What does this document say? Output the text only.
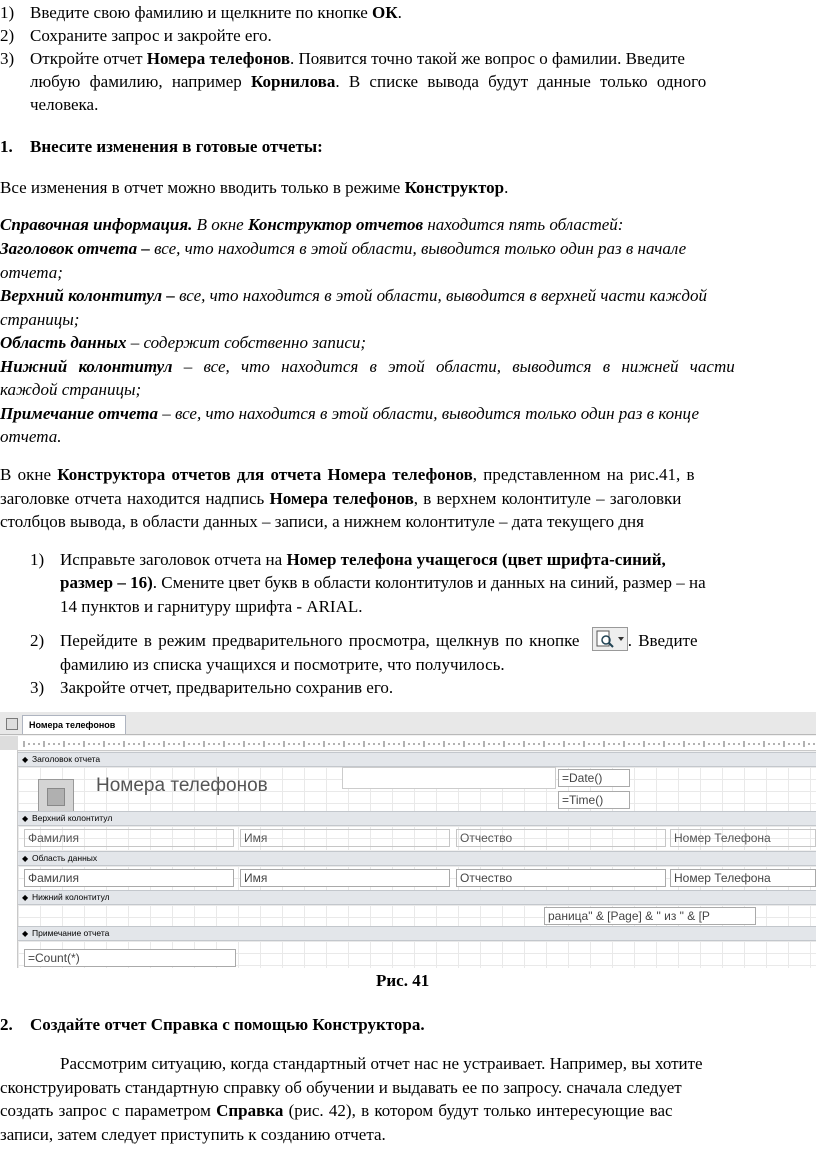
1) Введите свою фамилию и щелкните по кнопке ОК.
2) Сохраните запрос и закройте его.
3) Откройте отчет Номера телефонов. Появится точно такой же вопрос о фамилии. Введите
любую фамилию, например Корнилова. В списке вывода будут данные только одного
человека.
1. Внесите изменения в готовые отчеты:
Все изменения в отчет можно вводить только в режиме Конструктор.
Справочная информация. В окне Конструктор отчетов находится пять областей:
Заголовок отчета – все, что находится в этой области, выводится только один раз в начале
отчета;
Верхний колонтитул – все, что находится в этой области, выводится в верхней части каждой
страницы;
Область данных – содержит собственно записи;
Нижний колонтитул – все, что находится в этой области, выводится в нижней части
каждой страницы;
Примечание отчета – все, что находится в этой области, выводится только один раз в конце
отчета.
В окне Конструктора отчетов для отчета Номера телефонов, представленном на рис.41, в
заголовке отчета находится надпись Номера телефонов, в верхнем колонтитуле – заголовки
столбцов вывода, в области данных – записи, а нижнем колонтитуле – дата текущего дня
1) Исправьте заголовок отчета на Номер телефона учащегося (цвет шрифта-синий,
размер – 16). Смените цвет букв в области колонтитулов и данных на синий, размер – на
14 пунктов и гарнитуру шрифта - ARIAL.
2) Перейдите в режим предварительного просмотра, щелкнув по кнопке	. Введите
фамилию из списка учащихся и посмотрите, что получилось.
3) Закройте отчет, предварительно сохранив его.
Номера телефонов
◆ Заголовок отчета
Номера телефонов	=Date()
=Time()
◆ Верхний колонтитул
Фамилия	Имя	Отчество	Номер Телефона
◆ Область данных
Фамилия	Имя	Отчество	Номер Телефона
◆ Нижний колонтитул
раница" & [Page] & " из " & [P
◆ Примечание отчета
=Count(*)
Рис. 41
2. Создайте отчет Справка с помощью Конструктора.
Рассмотрим ситуацию, когда стандартный отчет нас не устраивает. Например, вы хотите
сконструировать стандартную справку об обучении и выдавать ее по запросу. сначала следует
создать запрос с параметром Справка (рис. 42), в котором будут только интересующие вас
записи, затем следует приступить к созданию отчета.
